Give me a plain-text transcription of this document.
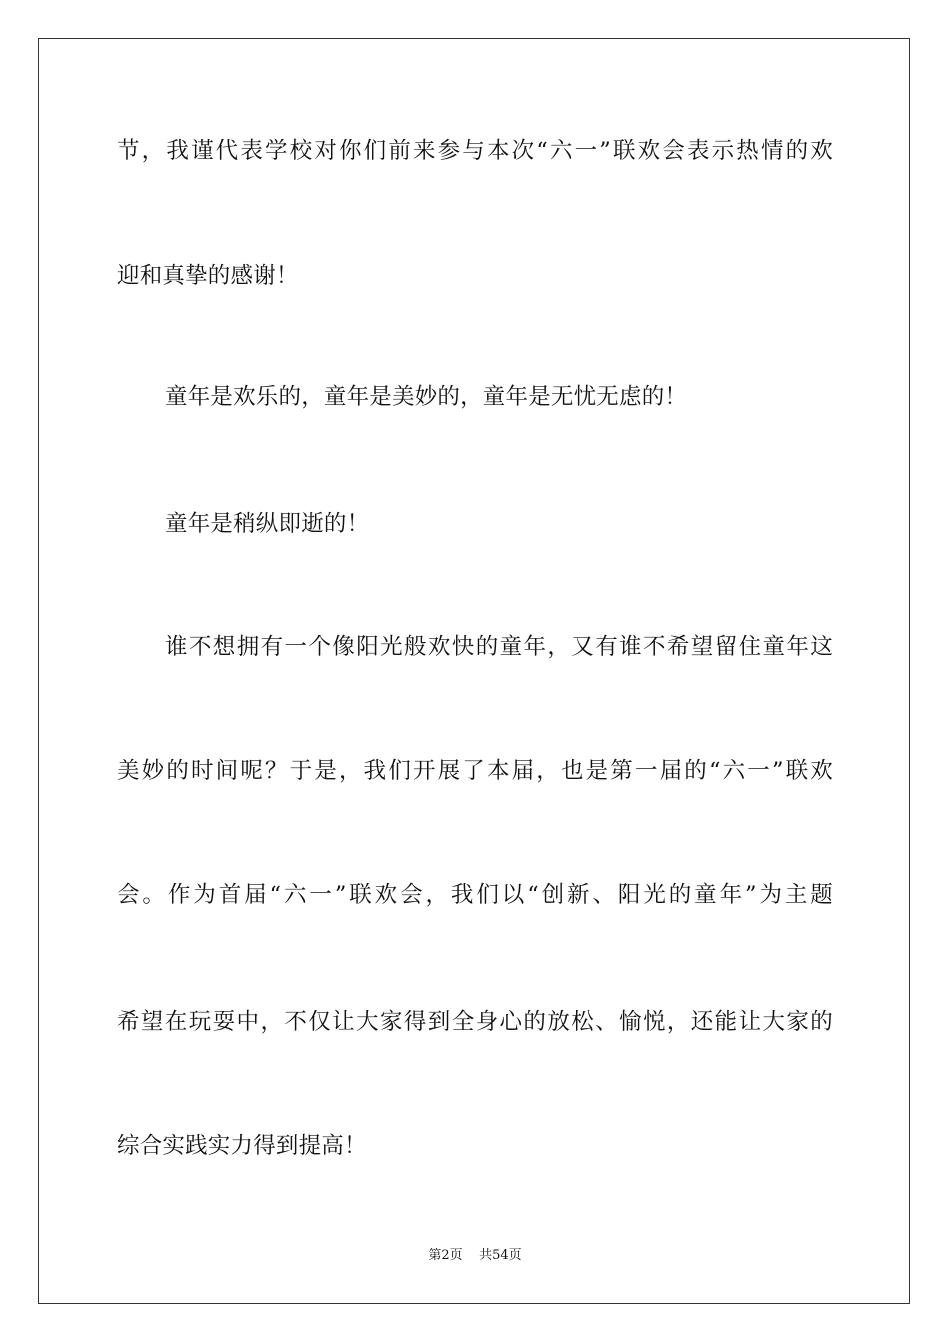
节，我谨代表学校对你们前来参与本次“六一”联欢会表示热情的欢
迎和真挚的感谢！
童年是欢乐的，童年是美妙的，童年是无忧无虑的！
童年是稍纵即逝的！
谁不想拥有一个像阳光般欢快的童年，又有谁不希望留住童年这
美妙的时间呢？于是，我们开展了本届，也是第一届的“六一”联欢
会。作为首届“六一”联欢会，我们以“创新、阳光的童年”为主题
希望在玩耍中，不仅让大家得到全身心的放松、愉悦，还能让大家的
综合实践实力得到提高！
第2页    共54页
